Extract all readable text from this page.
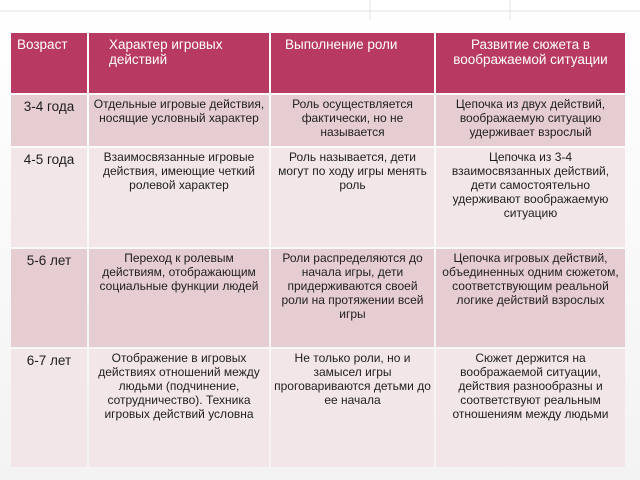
Возраст	Характер игровых действий	Выполнение роли	Развитие сюжета в воображаемой ситуации
3-4 года	Отдельные игровые действия, носящие условный характер	Роль осуществляется фактически, но не называется	Цепочка из двух действий, воображаемую ситуацию удерживает взрослый
4-5 года	Взаимосвязанные игровые действия, имеющие четкий ролевой характер	Роль называется, дети могут по ходу игры менять роль	Цепочка из 3-4 взаимосвязанных действий, дети самостоятельно удерживают воображаемую ситуацию
5-6 лет	Переход к ролевым действиям, отображающим социальные функции людей	Роли распределяются до начала игры, дети придерживаются своей роли на протяжении всей игры	Цепочка игровых действий, объединенных одним сюжетом, соответствующим реальной логике действий взрослых
6-7 лет	Отображение в игровых действиях отношений между людьми (подчинение, сотрудничество). Техника игровых действий условна	Не только роли, но и замысел игры проговариваются детьми до ее начала	Сюжет держится на воображаемой ситуации, действия разнообразны и соответствуют реальным отношениям между людьми
